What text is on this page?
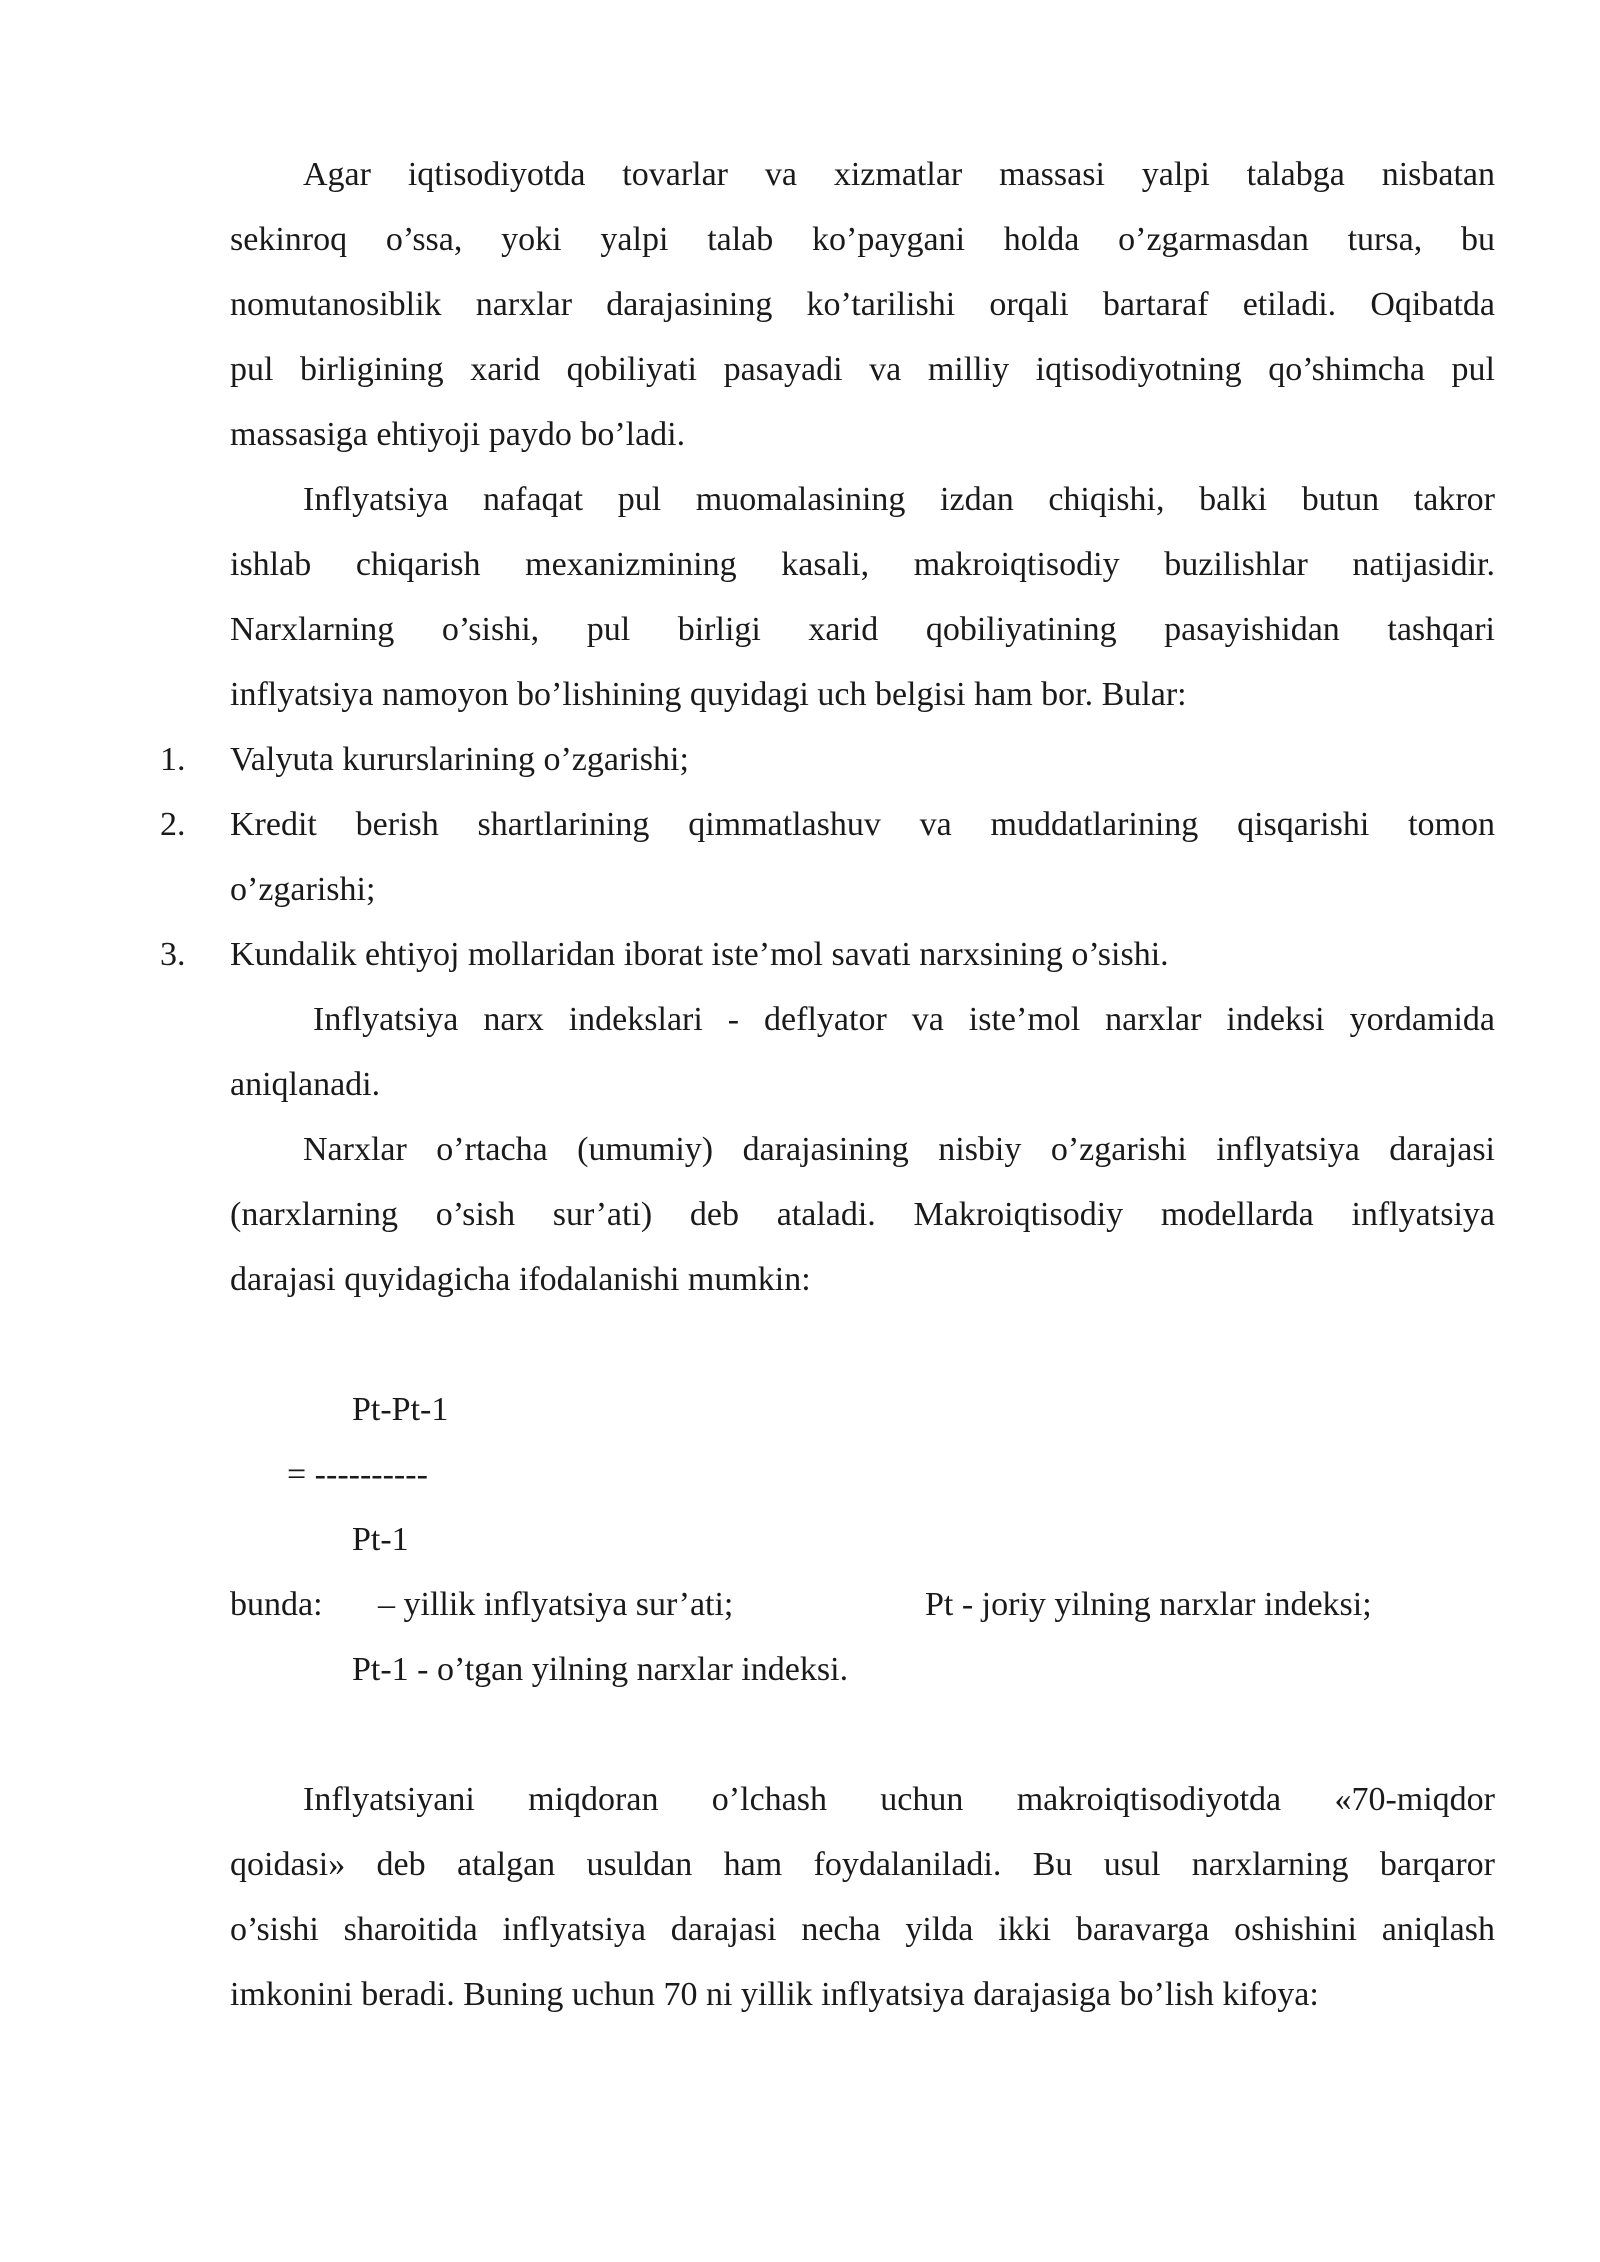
Agar iqtisodiyotda tovarlar va xizmatlar massasi yalpi talabga nisbatan
sekinroq o’ssa, yoki yalpi talab ko’paygani holda o’zgarmasdan tursa, bu
nomutanosiblik narxlar darajasining ko’tarilishi orqali bartaraf etiladi. Oqibatda
pul birligining xarid qobiliyati pasayadi va milliy iqtisodiyotning qo’shimcha pul
massasiga ehtiyoji paydo bo’ladi.
Inflyatsiya nafaqat pul muomalasining izdan chiqishi, balki butun takror
ishlab chiqarish mexanizmining kasali, makroiqtisodiy buzilishlar natijasidir.
Narxlarning o’sishi, pul birligi xarid qobiliyatining pasayishidan tashqari
inflyatsiya namoyon bo’lishining quyidagi uch belgisi ham bor. Bular:
1. Valyuta kururslarining o’zgarishi;
2. Kredit berish shartlarining qimmatlashuv va muddatlarining qisqarishi tomon
o’zgarishi;
3. Kundalik ehtiyoj mollaridan iborat iste’mol savati narxsining o’sishi.
Inflyatsiya narx indekslari - deflyator va iste’mol narxlar indeksi yordamida
aniqlanadi.
Narxlar o’rtacha (umumiy) darajasining nisbiy o’zgarishi inflyatsiya darajasi
(narxlarning o’sish sur’ati) deb ataladi. Makroiqtisodiy modellarda inflyatsiya
darajasi quyidagicha ifodalanishi mumkin:
Pt-Pt-1
= ----------
Pt-1
bunda: – yillik inflyatsiya sur’ati;	Pt - joriy yilning narxlar indeksi;
Pt-1 - o’tgan yilning narxlar indeksi.
Inflyatsiyani miqdoran o’lchash uchun makroiqtisodiyotda «70-miqdor
qoidasi» deb atalgan usuldan ham foydalaniladi. Bu usul narxlarning barqaror
o’sishi sharoitida inflyatsiya darajasi necha yilda ikki baravarga oshishini aniqlash
imkonini beradi. Buning uchun 70 ni yillik inflyatsiya darajasiga bo’lish kifoya:
